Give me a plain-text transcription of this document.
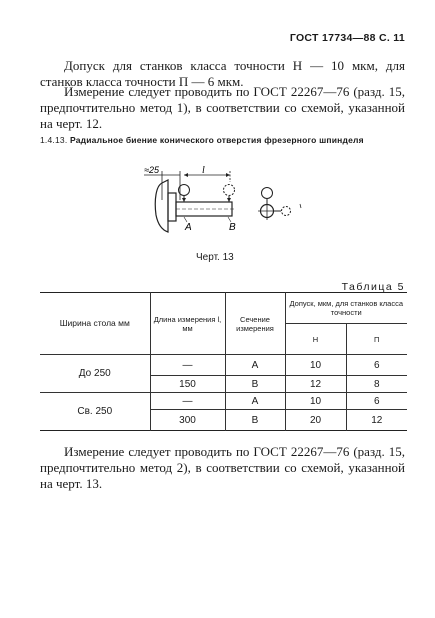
ГОСТ 17734—88 С. 11
Допуск для станков класса точности Н — 10 мкм, для станков класса точности П — 6 мкм.
Измерение следует проводить по ГОСТ 22267—76 (разд. 15, предпочтительно метод 1), в соответствии со схемой, указанной на черт. 12.
1.4.13. Радиальное биение конического отверстия фрезерного шпинделя
≈25	l
А	В
Черт. 13
Таблица 5
Ширина стола мм	Длина измерения l, мм	Сечение измерения	Допуск, мкм, для станков класса точности	
			Н	П
До 250	—	А	10	6
	150	В	12	8
Св. 250	—	А	10	6
	300	В	20	12
Измерение следует проводить по ГОСТ 22267—76 (разд. 15, предпочтительно метод 2), в соответствии со схемой, указанной на черт. 13.
